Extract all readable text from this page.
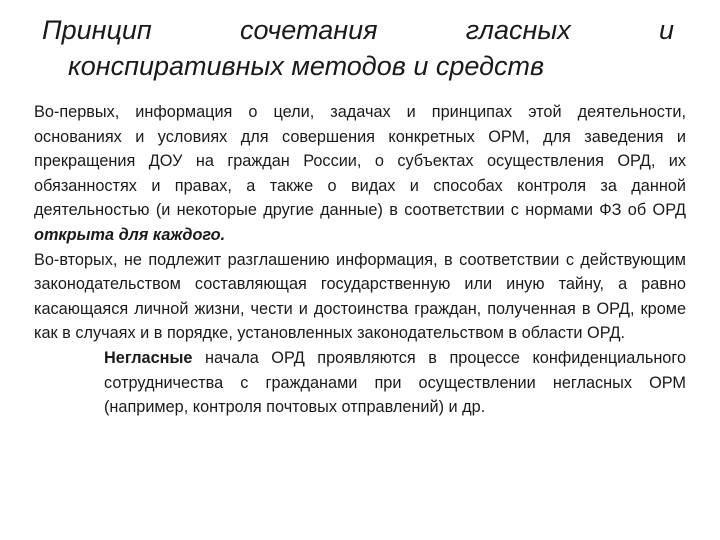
Принцип сочетания гласных и
конспиративных методов и средств

Во-первых, информация о цели, задачах и принципах этой деятельности, основаниях и условиях для совершения конкретных ОРМ, для заведения и прекращения ДОУ на граждан России, о субъектах осуществления ОРД, их обязанностях и правах, а также о видах и способах контроля за данной деятельностью (и некоторые другие данные) в соответствии с нормами ФЗ об ОРД открыта для каждого.

Во-вторых, не подлежит разглашению информация, в соответствии с действующим законодательством составляющая государственную или иную тайну, а равно касающаяся личной жизни, чести и достоинства граждан, полученная в ОРД, кроме как в случаях и в порядке, установленных законодательством в области ОРД.

Негласные начала ОРД проявляются в процессе конфиденциального сотрудничества с гражданами при осуществлении негласных ОРМ (например, контроля почтовых отправлений) и др.
